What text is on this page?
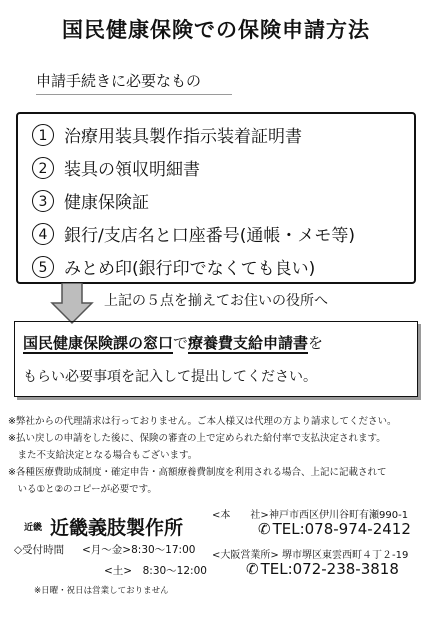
国民健康保険での保険申請方法
申請手続きに必要なもの
1 治療用装具製作指示装着証明書
2 装具の領収明細書
3 健康保険証
4 銀行/支店名と口座番号(通帳・メモ等)
5 みとめ印(銀行印でなくても良い)
上記の５点を揃えてお住いの役所へ
国民健康保険課の窓口で療養費支給申請書を
もらい必要事項を記入して提出してください。
※弊社からの代理請求は行っておりません。ご本人様又は代理の方より請求してください。
※払い戻しの申請をした後に、保険の審査の上で定められた給付率で支払決定されます。
　また不支給決定となる場合もございます。
※各種医療費助成制度・確定申告・高額療養費制度を利用される場合、上記に記載されて
　いる①と②のコピーが必要です。
近畿 近畿義肢製作所
◇受付時間 <月～金>8:30～17:00
<土>　8:30～12:00
※日曜・祝日は営業しておりません
<本　　社> 神戸市西区伊川谷町有瀬990-1
✆ TEL:078-974-2412
<大阪営業所> 堺市堺区東雲西町４丁２-19
✆ TEL:072-238-3818
